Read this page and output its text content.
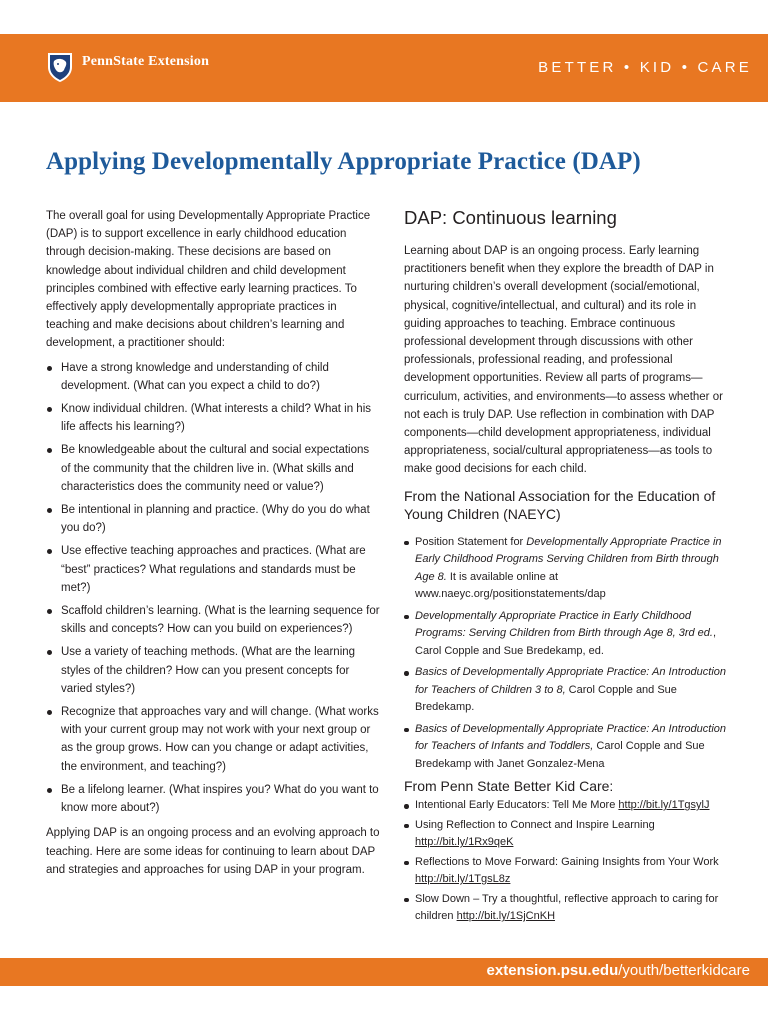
PennState Extension	BETTER • KID • CARE
Applying Developmentally Appropriate Practice (DAP)

The overall goal for using Developmentally Appropriate Practice (DAP) is to support excellence in early childhood education through decision-making. These decisions are based on knowledge about individual children and child development principles combined with effective early learning practices. To effectively apply developmentally appropriate practices in teaching and make decisions about children’s learning and development, a practitioner should:

Have a strong knowledge and understanding of child development. (What can you expect a child to do?)
Know individual children. (What interests a child? What in his life affects his learning?)
Be knowledgeable about the cultural and social expectations of the community that the children live in. (What skills and characteristics does the community need or value?)
Be intentional in planning and practice. (Why do you do what you do?)
Use effective teaching approaches and practices. (What are “best” practices? What regulations and standards must be met?)
Scaffold children’s learning. (What is the learning sequence for skills and concepts? How can you build on experiences?)
Use a variety of teaching methods. (What are the learning styles of the children? How can you present concepts for varied styles?)
Recognize that approaches vary and will change. (What works with your current group may not work with your next group or as the group grows. How can you change or adapt activities, the environment, and teaching?)
Be a lifelong learner. (What inspires you? What do you want to know more about?)

Applying DAP is an ongoing process and an evolving approach to teaching. Here are some ideas for continuing to learn about DAP and strategies and approaches for using DAP in your program.

DAP: Continuous learning

Learning about DAP is an ongoing process. Early learning practitioners benefit when they explore the breadth of DAP in nurturing children’s overall development (social/emotional, physical, cognitive/intellectual, and cultural) and its role in guiding approaches to teaching. Embrace continuous professional development through discussions with other professionals, professional reading, and professional development opportunities. Review all parts of programs—curriculum, activities, and environments—to assess whether or not each is truly DAP. Use reflection in combination with DAP components—child development appropriateness, individual appropriateness, social/cultural appropriateness—as tools to make good decisions for each child.

From the National Association for the Education of Young Children (NAEYC)
Position Statement for Developmentally Appropriate Practice in Early Childhood Programs Serving Children from Birth through Age 8. It is available online at www.naeyc.org/positionstatements/dap
Developmentally Appropriate Practice in Early Childhood Programs: Serving Children from Birth through Age 8, 3rd ed., Carol Copple and Sue Bredekamp, ed.
Basics of Developmentally Appropriate Practice: An Introduction for Teachers of Children 3 to 8, Carol Copple and Sue Bredekamp.
Basics of Developmentally Appropriate Practice: An Introduction for Teachers of Infants and Toddlers, Carol Copple and Sue Bredekamp with Janet Gonzalez-Mena
From Penn State Better Kid Care:
Intentional Early Educators: Tell Me More http://bit.ly/1TgsylJ
Using Reflection to Connect and Inspire Learning http://bit.ly/1Rx9qeK
Reflections to Move Forward: Gaining Insights from Your Work http://bit.ly/1TgsL8z
Slow Down – Try a thoughtful, reflective approach to caring for children http://bit.ly/1SjCnKH
extension.psu.edu/youth/betterkidcare
